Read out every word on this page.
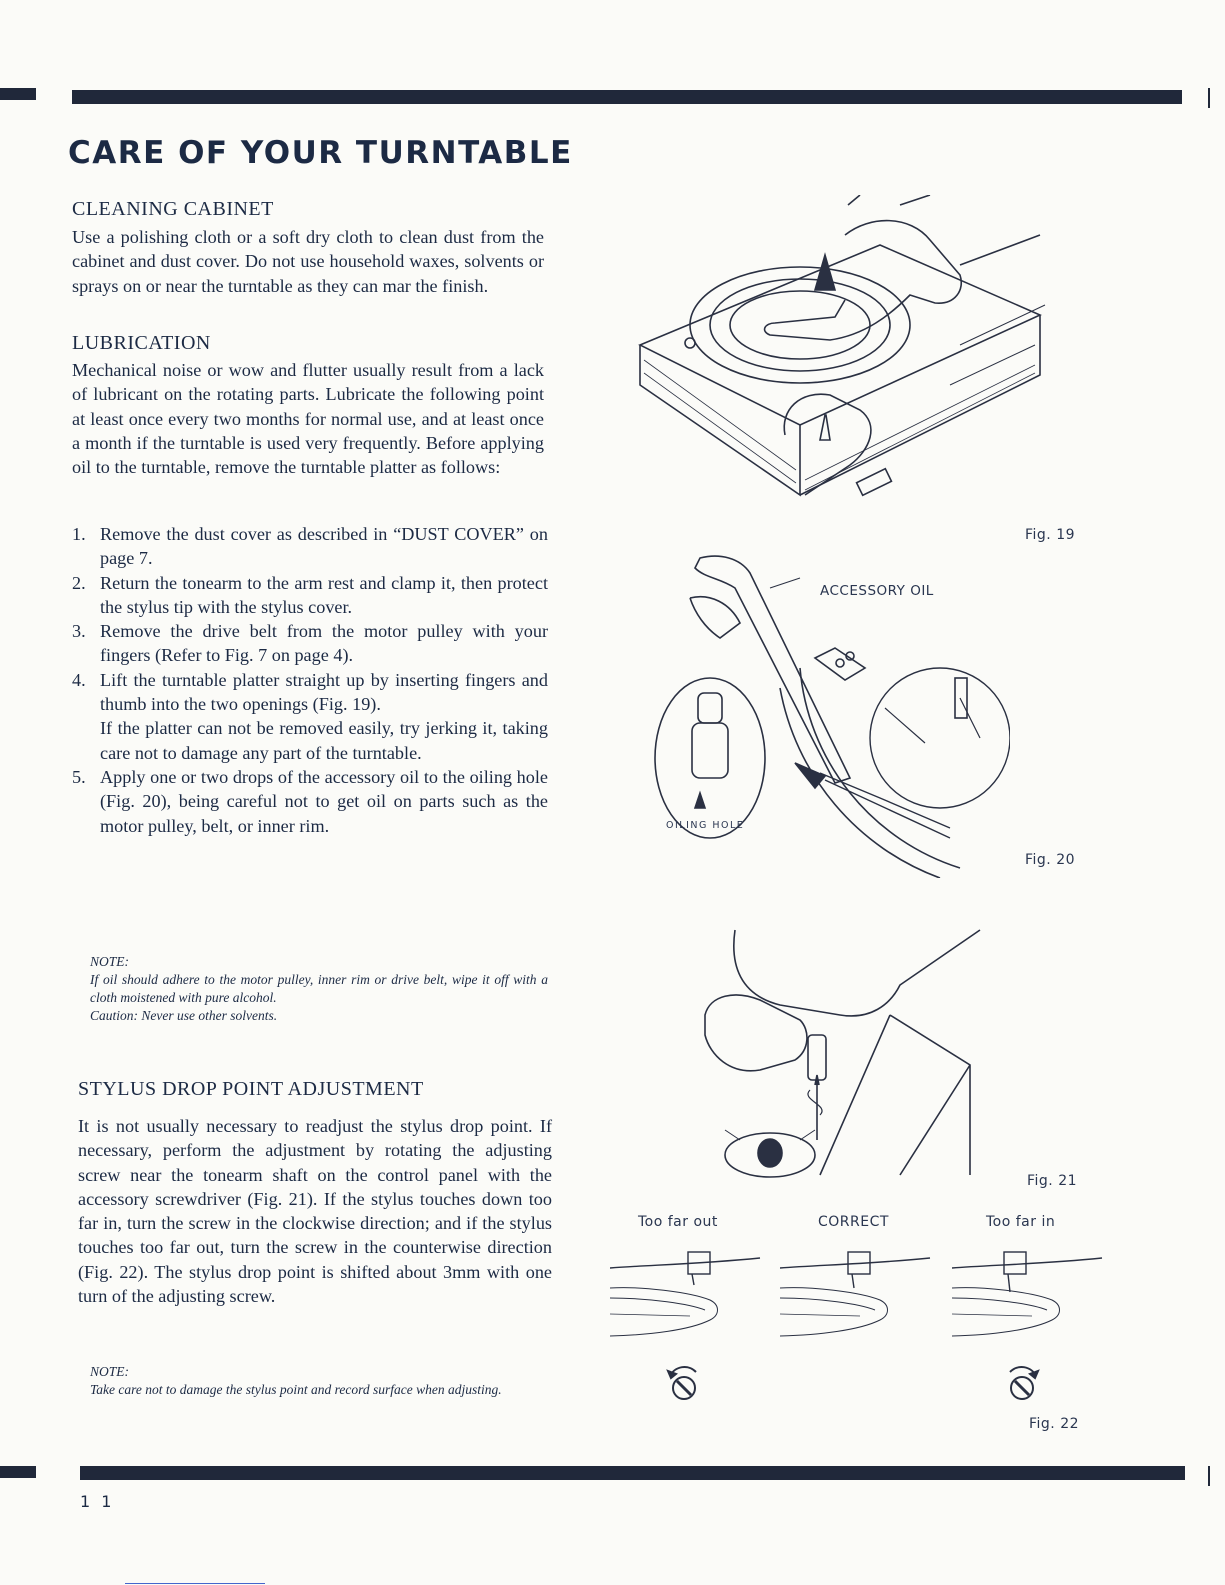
CARE OF YOUR TURNTABLE
CLEANING CABINET

Use a polishing cloth or a soft dry cloth to clean dust from the cabinet and dust cover. Do not use household waxes, solvents or sprays on or near the turntable as they can mar the finish.

LUBRICATION

Mechanical noise or wow and flutter usually result from a lack of lubricant on the rotating parts. Lubricate the following point at least once every two months for normal use, and at least once a month if the turntable is used very frequently. Before applying oil to the turntable, remove the turntable platter as follows:

1. Remove the dust cover as described in “DUST COVER” on page 7.
2. Return the tonearm to the arm rest and clamp it, then protect the stylus tip with the stylus cover.
3. Remove the drive belt from the motor pulley with your fingers (Refer to Fig. 7 on page 4).
4. Lift the turntable platter straight up by inserting fingers and thumb into the two openings (Fig. 19).
If the platter can not be removed easily, try jerking it, taking care not to damage any part of the turntable.
5. Apply one or two drops of the accessory oil to the oiling hole (Fig. 20), being careful not to get oil on parts such as the motor pulley, belt, or inner rim.

NOTE:

If oil should adhere to the motor pulley, inner rim or drive belt, wipe it off with a cloth moistened with pure alcohol.

Caution: Never use other solvents.

STYLUS DROP POINT ADJUSTMENT

It is not usually necessary to readjust the stylus drop point. If necessary, perform the adjustment by rotating the adjusting screw near the tonearm shaft on the control panel with the accessory screwdriver (Fig. 21). If the stylus touches down too far in, turn the screw in the clockwise direction; and if the stylus touches too far out, turn the screw in the counterwise direction (Fig. 22). The stylus drop point is shifted about 3mm with one turn of the adjusting screw.

NOTE:

Take care not to damage the stylus point and record surface when adjusting.

Fig. 19
ACCESSORY OIL
OILING HOLE
Fig. 20
Fig. 21
Too far out	CORRECT	Too far in
Fig. 22
1 1
